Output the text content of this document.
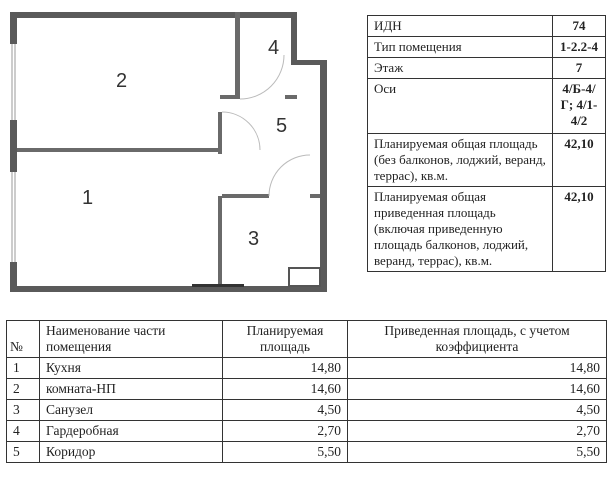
1
2
3
4
5
ИДН	74
Тип помещения	1-2.2-4
Этаж	7
Оси	4/Б-4/Г; 4/1-4/2
Планируемая общая площадь (без балконов, лоджий, веранд, террас), кв.м.	42,10
Планируемая общая приведенная площадь (включая приведенную площадь балконов, лоджий, веранд, террас), кв.м.	42,10
№	Наименование части помещения	Планируемая площадь	Приведенная площадь, с учетом коэффициента
1	Кухня	14,80	14,80
2	комната-НП	14,60	14,60
3	Санузел	4,50	4,50
4	Гардеробная	2,70	2,70
5	Коридор	5,50	5,50
